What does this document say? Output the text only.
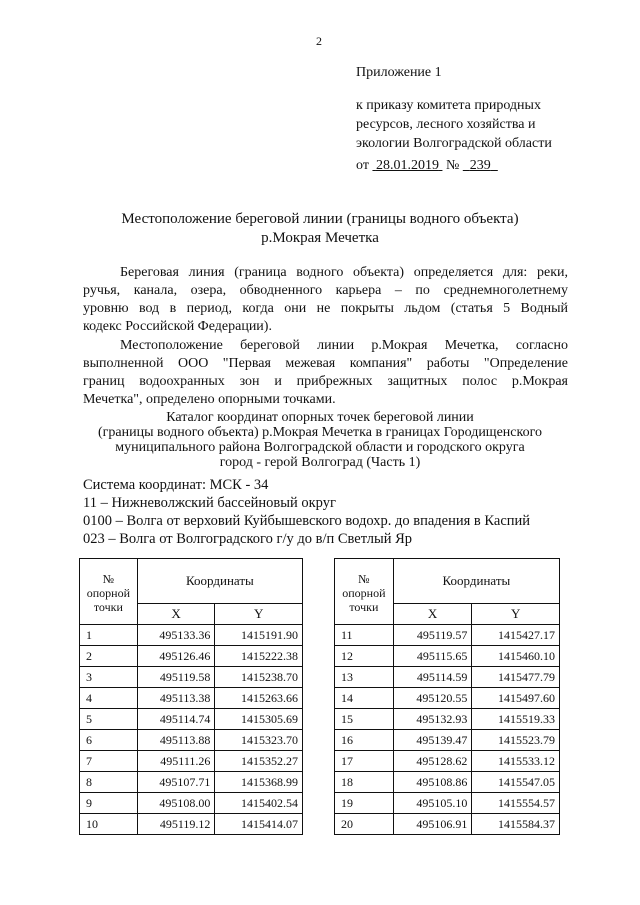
2
Приложение 1
к приказу комитета природных
ресурсов, лесного хозяйства и
экологии Волгоградской области
от 28.01.2019 № 239
Местоположение береговой линии (границы водного объекта)
р.Мокрая Мечетка
Береговая линия (граница водного объекта) определяется для: реки,
ручья, канала, озера, обводненного карьера – по среднемноголетнему
уровню вод в период, когда они не покрыты льдом (статья 5 Водный
кодекс Российской Федерации).
Местоположение береговой линии р.Мокрая Мечетка, согласно
выполненной ООО "Первая межевая компания" работы "Определение
границ водоохранных зон и прибрежных защитных полос р.Мокрая
Мечетка", определено опорными точками.
Каталог координат опорных точек береговой линии
(границы водного объекта) р.Мокрая Мечетка в границах Городищенского
муниципального района Волгоградской области и городского округа
город - герой Волгоград (Часть 1)
Система координат: МСК - 34
11 – Нижневолжский бассейновый округ
0100 – Волга от верховий Куйбышевского водохр. до впадения в Каспий
023 – Волга от Волгоградского г/у до в/п Светлый Яр
№
опорной
точки	Координаты	
	X	Y
1	495133.36	1415191.90
2	495126.46	1415222.38
3	495119.58	1415238.70
4	495113.38	1415263.66
5	495114.74	1415305.69
6	495113.88	1415323.70
7	495111.26	1415352.27
8	495107.71	1415368.99
9	495108.00	1415402.54
10	495119.12	1415414.07
№
опорной
точки	Координаты	
	X	Y
11	495119.57	1415427.17
12	495115.65	1415460.10
13	495114.59	1415477.79
14	495120.55	1415497.60
15	495132.93	1415519.33
16	495139.47	1415523.79
17	495128.62	1415533.12
18	495108.86	1415547.05
19	495105.10	1415554.57
20	495106.91	1415584.37
